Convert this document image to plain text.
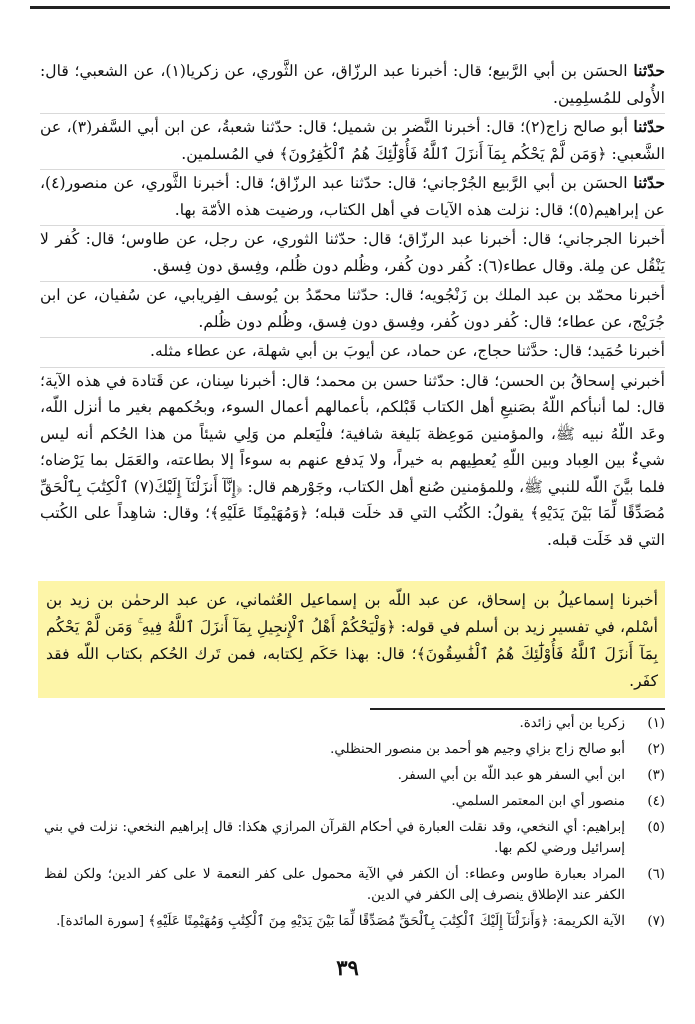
حدّثنا الحسَن بن أبي الرَّبيع؛ قال: أخبرنا عبد الرزّاق، عن الثَّوري، عن زكريا(١)، عن الشعبي؛ قال: الأُولى للمُسلِمِين.

حدّثنا أبو صالح زاج(٢)؛ قال: أخبرنا النَّضر بن شميل؛ قال: حدّثنا شعبةُ، عن ابن أبي السَّفر(٣)، عن الشَّعبي: ﴿وَمَن لَّمْ يَحْكُم بِمَآ أَنزَلَ ٱللَّهُ فَأُوْلَٰٓئِكَ هُمُ ٱلْكَٰفِرُونَ﴾ في المُسلمين.

حدّثنا الحسَن بن أبي الرَّبيع الجُرْجاني؛ قال: حدّثنا عبد الرزّاق؛ قال: أخبرنا الثَّوري، عن منصور(٤)، عن إبراهيم(٥)؛ قال: نزلت هذه الآيات في أهل الكتاب، ورضيت هذه الأمّة بها.

أخبرنا الجرجاني؛ قال: أخبرنا عبد الرزّاق؛ قال: حدّثنا الثوري، عن رجل، عن طاوس؛ قال: كُفر لا يَنْقُل عن مِلة. وقال عطاء(٦): كُفر دون كُفر، وظُلم دون ظُلم، وفِسق دون فِسق.

أخبرنا محمّد بن عبد الملك بن زَنْجُويه؛ قال: حدّثنا محمّدُ بن يُوسف الفِريابي، عن سُفيان، عن ابن جُرَيْج، عن عطاء؛ قال: كُفر دون كُفر، وفِسق دون فِسق، وظُلم دون ظُلم.

أخبرنا حُمَيد؛ قال: حدَّثنا حجاج، عن حماد، عن أيوبَ بن أبي شهلة، عن عطاء مثله.

أخبرني إسحاقُ بن الحسن؛ قال: حدّثنا حسن بن محمد؛ قال: أخبرنا سِنان، عن قَتادة في هذه الآية؛ قال: لما أنبأكم اللّهُ بصَنيعِ أهل الكتاب قَبْلكم، بأعمالهم أعمال السوء، وبحُكمهم بغير ما أنزل اللّه، وعَد اللّهُ نبيه ﷺ، والمؤمنين مَوعِظة بَليغة شافية؛ فلْيَعلم من وَلِي شيئاً من هذا الحُكم أنه ليس شيءٌ بين العِباد وبين اللّهِ يُعطِيهم به خيراً، ولا يَدفع عنهم به سوءاً إلا بطاعته، والعَمَل بما يَرْضاه؛ فلما بيَّنَ اللّه للنبي ﷺ، وللمؤمنين صُنع أهل الكتاب، وجَوْرهم قال: ﴿إِنَّآ أَنزَلْنَآ إِلَيْكَ(٧) ٱلْكِتَٰبَ بِٱلْحَقِّ مُصَدِّقًا لِّمَا بَيْنَ يَدَيْهِ﴾ يقولُ: الكُتُب التي قد خلَت قبله؛ ﴿وَمُهَيْمِنًا عَلَيْهِ﴾؛ وقال: شاهِداً على الكُتب التي قد خَلَت قبله.

أخبرنا إسماعيلُ بن إسحاق، عن عبد اللّه بن إسماعيل العُثماني، عن عبد الرحمٰن بن زيد بن أسْلم، في تفسير زيد بن أسلم في قوله: ﴿وَلْيَحْكُمْ أَهْلُ ٱلْإِنجِيلِ بِمَآ أَنزَلَ ٱللَّهُ فِيهِ ۚ وَمَن لَّمْ يَحْكُم بِمَآ أَنزَلَ ٱللَّهُ فَأُوْلَٰٓئِكَ هُمُ ٱلْفَٰسِقُونَ﴾؛ قال: بهذا حَكَم لِكتابه، فمن تَرك الحُكم بكتاب اللّه فقد كفَر.
(١)
زكريا بن أبي زائدة.
(٢)
أبو صالح زاج بزاي وجيم هو أحمد بن منصور الحنظلي.
(٣)
ابن أبي السفر هو عبد اللّه بن أبي السفر.
(٤)
منصور أي ابن المعتمر السلمي.
(٥)
إبراهيم: أي النخعي، وقد نقلت العبارة في أحكام القرآن المرازي هكذا: قال إبراهيم النخعي: نزلت في بني إسرائيل ورضي لكم بها.
(٦)
المراد بعبارة طاوس وعطاء: أن الكفر في الآية محمول على كفر النعمة لا على كفر الدين؛ ولكن لفظ الكفر عند الإطلاق ينصرف إلى الكفر في الدين.
(٧)
الآية الكريمة: ﴿وَأَنزَلْنَآ إِلَيْكَ ٱلْكِتَٰبَ بِٱلْحَقِّ مُصَدِّقًا لِّمَا بَيْنَ يَدَيْهِ مِنَ ٱلْكِتَٰبِ وَمُهَيْمِنًا عَلَيْهِ﴾ [سورة المائدة].
٣٩
